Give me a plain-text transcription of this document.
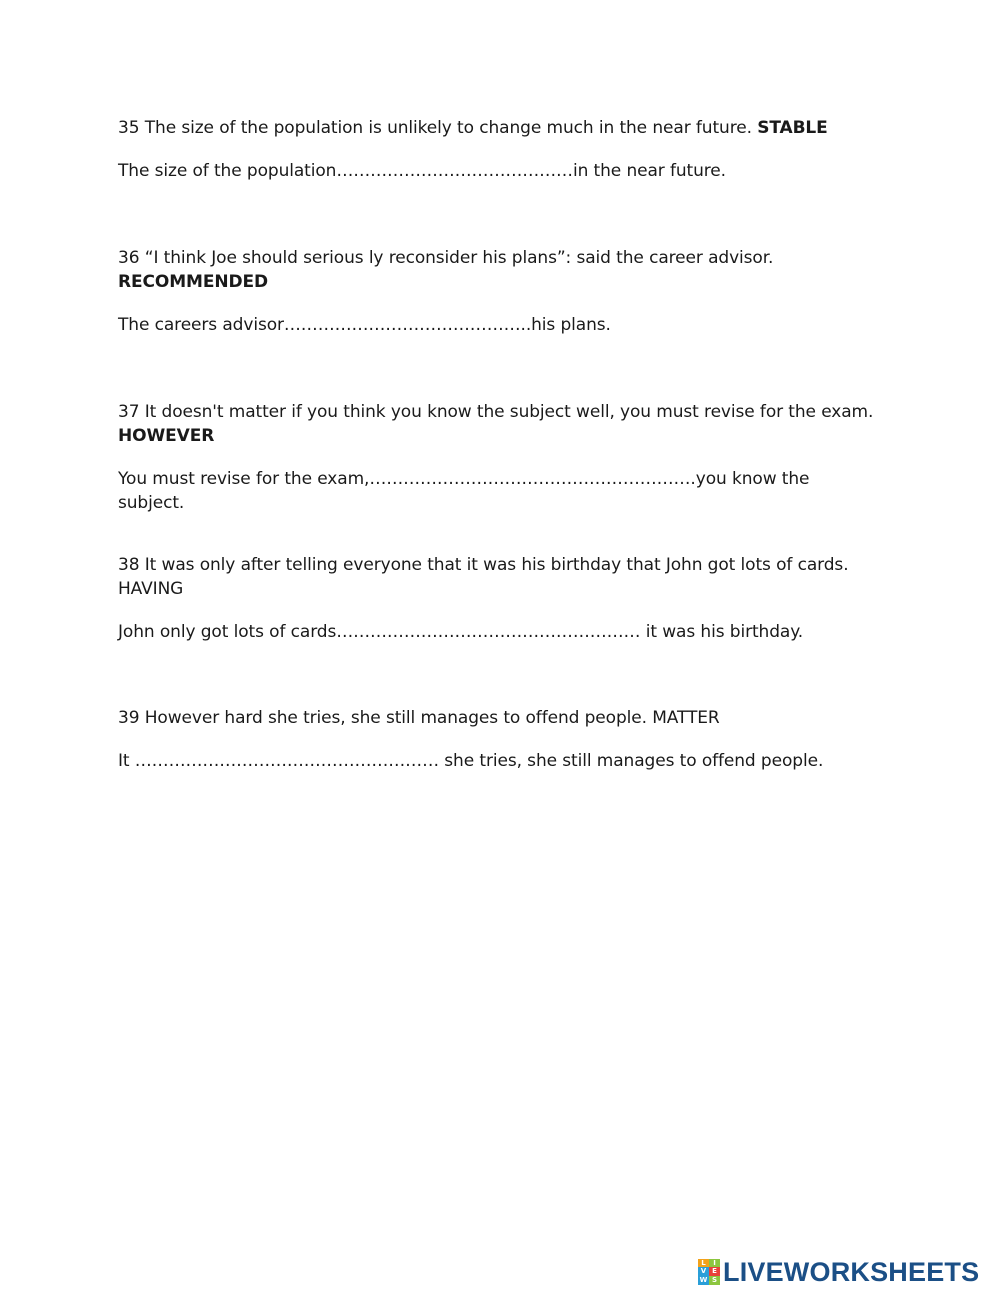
35 The size of the population is unlikely to change much in the near future. STABLE

The size of the population……………………………………in the near future.

36 “I think Joe should serious ly reconsider his plans”: said the career advisor. RECOMMENDED

The careers advisor……………………………………..his plans.

37 It doesn't matter if you think you know the subject well, you must revise for the exam. HOWEVER

You must revise for the exam,………………………………………………….you know the subject.

38 It was only after telling everyone that it was his birthday that John got lots of cards. HAVING

John only got lots of cards……………………………………………… it was his birthday.

39 However hard she tries, she still manages to offend people. MATTER

It ……………………………………………… she tries, she still manages to offend people.

L	I
V E
W S LIVEWORKSHEETS
